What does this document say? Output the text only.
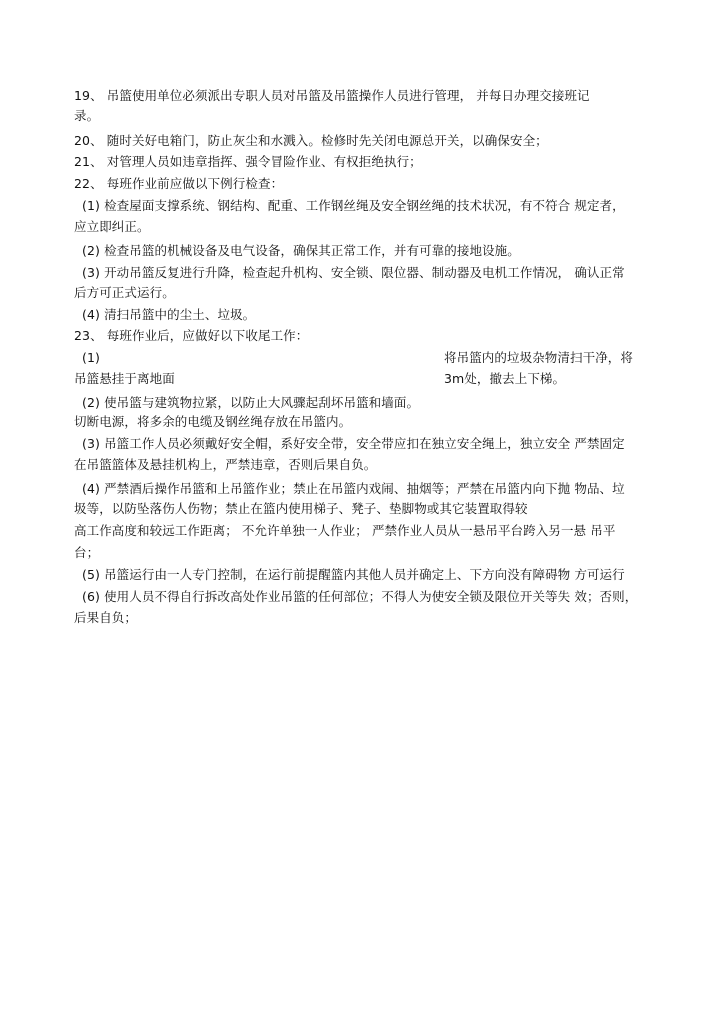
19、 吊篮使用单位必须派出专职人员对吊篮及吊篮操作人员进行管理， 并每日办理交接班记
录。
20、 随时关好电箱门，防止灰尘和水溅入。检修时先关闭电源总开关，以确保安全；
21、 对管理人员如违章指挥、强令冒险作业、有权拒绝执行；
22、 每班作业前应做以下例行检查：
(1) 检查屋面支撑系统、钢结构、配重、工作钢丝绳及安全钢丝绳的技术状况，有不符合 规定者，
应立即纠正。
(2) 检查吊篮的机械设备及电气设备，确保其正常工作，并有可靠的接地设施。
(3) 开动吊篮反复进行升降，检查起升机构、安全锁、限位器、制动器及电机工作情况， 确认正常
后方可正式运行。
(4) 清扫吊篮中的尘土、垃圾。
23、 每班作业后，应做好以下收尾工作：
(1)	将吊篮内的垃圾杂物清扫干净，将
吊篮悬挂于离地面	3m处，撤去上下梯。
(2) 使吊篮与建筑物拉紧，以防止大风骤起刮坏吊篮和墙面。
切断电源，将多余的电缆及钢丝绳存放在吊篮内。
(3) 吊篮工作人员必须戴好安全帽，系好安全带，安全带应扣在独立安全绳上，独立安全 严禁固定
在吊篮篮体及悬挂机构上，严禁违章，否则后果自负。
(4) 严禁酒后操作吊篮和上吊篮作业；禁止在吊篮内戏闹、抽烟等；严禁在吊篮内向下抛 物品、垃
圾等，以防坠落伤人伤物；禁止在篮内使用梯子、凳子、垫脚物或其它装置取得较
高工作高度和较远工作距离； 不允许单独一人作业； 严禁作业人员从一悬吊平台跨入另一悬 吊平
台；
(5) 吊篮运行由一人专门控制，在运行前提醒篮内其他人员并确定上、下方向没有障碍物 方可运行
(6) 使用人员不得自行拆改高处作业吊篮的任何部位；不得人为使安全锁及限位开关等失 效；否则，
后果自负；
